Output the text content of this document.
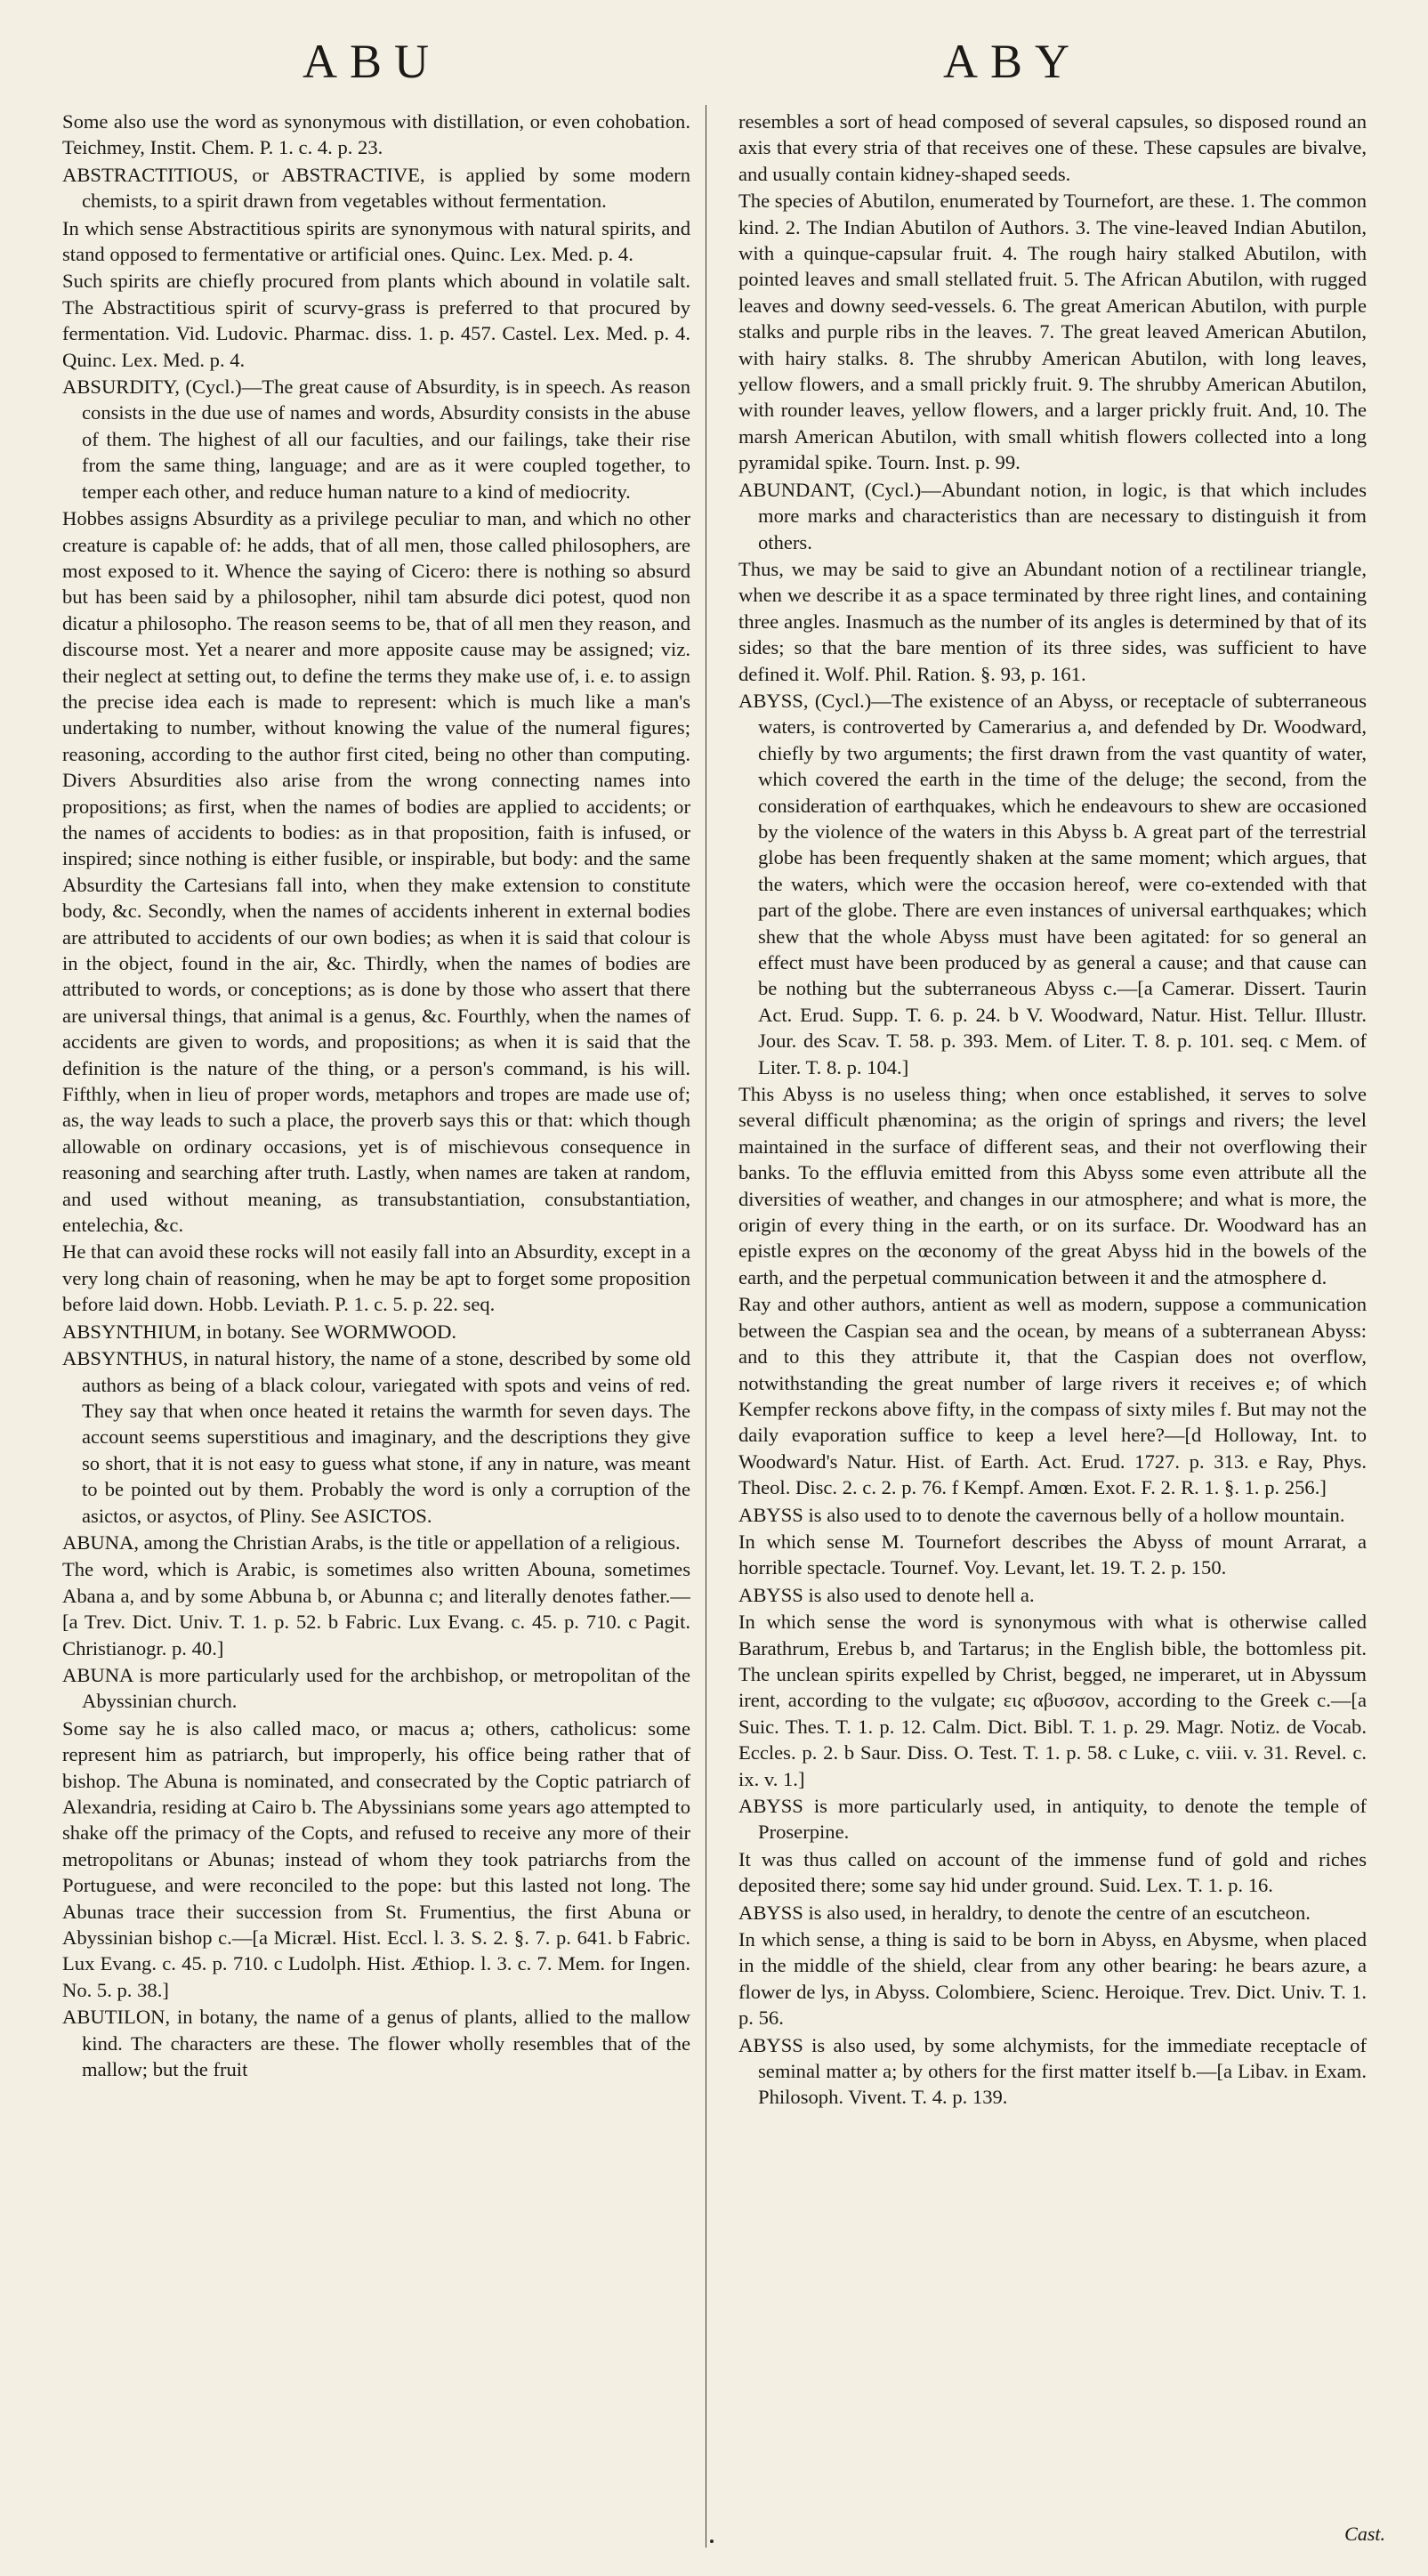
ABU	ABY

Some also use the word as synonymous with distillation, or even cohobation. Teichmey, Instit. Chem. P. 1. c. 4. p. 23.

ABSTRACTITIOUS, or ABSTRACTIVE, is applied by some modern chemists, to a spirit drawn from vegetables without fermentation.

In which sense Abstractitious spirits are synonymous with natural spirits, and stand opposed to fermentative or artificial ones. Quinc. Lex. Med. p. 4.

Such spirits are chiefly procured from plants which abound in volatile salt. The Abstractitious spirit of scurvy-grass is preferred to that procured by fermentation. Vid. Ludovic. Pharmac. diss. 1. p. 457. Castel. Lex. Med. p. 4. Quinc. Lex. Med. p. 4.

ABSURDITY, (Cycl.)—The great cause of Absurdity, is in speech. As reason consists in the due use of names and words, Absurdity consists in the abuse of them. The highest of all our faculties, and our failings, take their rise from the same thing, language; and are as it were coupled together, to temper each other, and reduce human nature to a kind of mediocrity.

Hobbes assigns Absurdity as a privilege peculiar to man, and which no other creature is capable of: he adds, that of all men, those called philosophers, are most exposed to it. Whence the saying of Cicero: there is nothing so absurd but has been said by a philosopher, nihil tam absurde dici potest, quod non dicatur a philosopho. The reason seems to be, that of all men they reason, and discourse most. Yet a nearer and more apposite cause may be assigned; viz. their neglect at setting out, to define the terms they make use of, i. e. to assign the precise idea each is made to represent: which is much like a man's undertaking to number, without knowing the value of the numeral figures; reasoning, according to the author first cited, being no other than computing. Divers Absurdities also arise from the wrong connecting names into propositions; as first, when the names of bodies are applied to accidents; or the names of accidents to bodies: as in that proposition, faith is infused, or inspired; since nothing is either fusible, or inspirable, but body: and the same Absurdity the Cartesians fall into, when they make extension to constitute body, &c. Secondly, when the names of accidents inherent in external bodies are attributed to accidents of our own bodies; as when it is said that colour is in the object, found in the air, &c. Thirdly, when the names of bodies are attributed to words, or conceptions; as is done by those who assert that there are universal things, that animal is a genus, &c. Fourthly, when the names of accidents are given to words, and propositions; as when it is said that the definition is the nature of the thing, or a person's command, is his will. Fifthly, when in lieu of proper words, metaphors and tropes are made use of; as, the way leads to such a place, the proverb says this or that: which though allowable on ordinary occasions, yet is of mischievous consequence in reasoning and searching after truth. Lastly, when names are taken at random, and used without meaning, as transubstantiation, consubstantiation, entelechia, &c.

He that can avoid these rocks will not easily fall into an Absurdity, except in a very long chain of reasoning, when he may be apt to forget some proposition before laid down. Hobb. Leviath. P. 1. c. 5. p. 22. seq.

ABSYNTHIUM, in botany. See WORMWOOD.

ABSYNTHUS, in natural history, the name of a stone, described by some old authors as being of a black colour, variegated with spots and veins of red. They say that when once heated it retains the warmth for seven days. The account seems superstitious and imaginary, and the descriptions they give so short, that it is not easy to guess what stone, if any in nature, was meant to be pointed out by them. Probably the word is only a corruption of the asictos, or asyctos, of Pliny. See ASICTOS.

ABUNA, among the Christian Arabs, is the title or appellation of a religious.

The word, which is Arabic, is sometimes also written Abouna, sometimes Abana a, and by some Abbuna b, or Abunna c; and literally denotes father.—[a Trev. Dict. Univ. T. 1. p. 52. b Fabric. Lux Evang. c. 45. p. 710. c Pagit. Christianogr. p. 40.]

ABUNA is more particularly used for the archbishop, or metropolitan of the Abyssinian church.

Some say he is also called maco, or macus a; others, catholicus: some represent him as patriarch, but improperly, his office being rather that of bishop. The Abuna is nominated, and consecrated by the Coptic patriarch of Alexandria, residing at Cairo b. The Abyssinians some years ago attempted to shake off the primacy of the Copts, and refused to receive any more of their metropolitans or Abunas; instead of whom they took patriarchs from the Portuguese, and were reconciled to the pope: but this lasted not long. The Abunas trace their succession from St. Frumentius, the first Abuna or Abyssinian bishop c.—[a Micræl. Hist. Eccl. l. 3. S. 2. §. 7. p. 641. b Fabric. Lux Evang. c. 45. p. 710. c Ludolph. Hist. Æthiop. l. 3. c. 7. Mem. for Ingen. No. 5. p. 38.]

ABUTILON, in botany, the name of a genus of plants, allied to the mallow kind. The characters are these. The flower wholly resembles that of the mallow; but the fruit

resembles a sort of head composed of several capsules, so disposed round an axis that every stria of that receives one of these. These capsules are bivalve, and usually contain kidney-shaped seeds.

The species of Abutilon, enumerated by Tournefort, are these. 1. The common kind. 2. The Indian Abutilon of Authors. 3. The vine-leaved Indian Abutilon, with a quinque-capsular fruit. 4. The rough hairy stalked Abutilon, with pointed leaves and small stellated fruit. 5. The African Abutilon, with rugged leaves and downy seed-vessels. 6. The great American Abutilon, with purple stalks and purple ribs in the leaves. 7. The great leaved American Abutilon, with hairy stalks. 8. The shrubby American Abutilon, with long leaves, yellow flowers, and a small prickly fruit. 9. The shrubby American Abutilon, with rounder leaves, yellow flowers, and a larger prickly fruit. And, 10. The marsh American Abutilon, with small whitish flowers collected into a long pyramidal spike. Tourn. Inst. p. 99.

ABUNDANT, (Cycl.)—Abundant notion, in logic, is that which includes more marks and characteristics than are necessary to distinguish it from others.

Thus, we may be said to give an Abundant notion of a rectilinear triangle, when we describe it as a space terminated by three right lines, and containing three angles. Inasmuch as the number of its angles is determined by that of its sides; so that the bare mention of its three sides, was sufficient to have defined it. Wolf. Phil. Ration. §. 93, p. 161.

ABYSS, (Cycl.)—The existence of an Abyss, or receptacle of subterraneous waters, is controverted by Camerarius a, and defended by Dr. Woodward, chiefly by two arguments; the first drawn from the vast quantity of water, which covered the earth in the time of the deluge; the second, from the consideration of earthquakes, which he endeavours to shew are occasioned by the violence of the waters in this Abyss b. A great part of the terrestrial globe has been frequently shaken at the same moment; which argues, that the waters, which were the occasion hereof, were co-extended with that part of the globe. There are even instances of universal earthquakes; which shew that the whole Abyss must have been agitated: for so general an effect must have been produced by as general a cause; and that cause can be nothing but the subterraneous Abyss c.—[a Camerar. Dissert. Taurin Act. Erud. Supp. T. 6. p. 24. b V. Woodward, Natur. Hist. Tellur. Illustr. Jour. des Scav. T. 58. p. 393. Mem. of Liter. T. 8. p. 101. seq. c Mem. of Liter. T. 8. p. 104.]

This Abyss is no useless thing; when once established, it serves to solve several difficult phænomina; as the origin of springs and rivers; the level maintained in the surface of different seas, and their not overflowing their banks. To the effluvia emitted from this Abyss some even attribute all the diversities of weather, and changes in our atmosphere; and what is more, the origin of every thing in the earth, or on its surface. Dr. Woodward has an epistle expres on the œconomy of the great Abyss hid in the bowels of the earth, and the perpetual communication between it and the atmosphere d.

Ray and other authors, antient as well as modern, suppose a communication between the Caspian sea and the ocean, by means of a subterranean Abyss: and to this they attribute it, that the Caspian does not overflow, notwithstanding the great number of large rivers it receives e; of which Kempfer reckons above fifty, in the compass of sixty miles f. But may not the daily evaporation suffice to keep a level here?—[d Holloway, Int. to Woodward's Natur. Hist. of Earth. Act. Erud. 1727. p. 313. e Ray, Phys. Theol. Disc. 2. c. 2. p. 76. f Kempf. Amœn. Exot. F. 2. R. 1. §. 1. p. 256.]

ABYSS is also used to to denote the cavernous belly of a hollow mountain.

In which sense M. Tournefort describes the Abyss of mount Arrarat, a horrible spectacle. Tournef. Voy. Levant, let. 19. T. 2. p. 150.

ABYSS is also used to denote hell a.

In which sense the word is synonymous with what is otherwise called Barathrum, Erebus b, and Tartarus; in the English bible, the bottomless pit. The unclean spirits expelled by Christ, begged, ne imperaret, ut in Abyssum irent, according to the vulgate; εις αβυσσον, according to the Greek c.—[a Suic. Thes. T. 1. p. 12. Calm. Dict. Bibl. T. 1. p. 29. Magr. Notiz. de Vocab. Eccles. p. 2. b Saur. Diss. O. Test. T. 1. p. 58. c Luke, c. viii. v. 31. Revel. c. ix. v. 1.]

ABYSS is more particularly used, in antiquity, to denote the temple of Proserpine.

It was thus called on account of the immense fund of gold and riches deposited there; some say hid under ground. Suid. Lex. T. 1. p. 16.

ABYSS is also used, in heraldry, to denote the centre of an escutcheon.

In which sense, a thing is said to be born in Abyss, en Abysme, when placed in the middle of the shield, clear from any other bearing: he bears azure, a flower de lys, in Abyss. Colombiere, Scienc. Heroique. Trev. Dict. Univ. T. 1. p. 56.

ABYSS is also used, by some alchymists, for the immediate receptacle of seminal matter a; by others for the first matter itself b.—[a Libav. in Exam. Philosoph. Vivent. T. 4. p. 139.

Cast.
